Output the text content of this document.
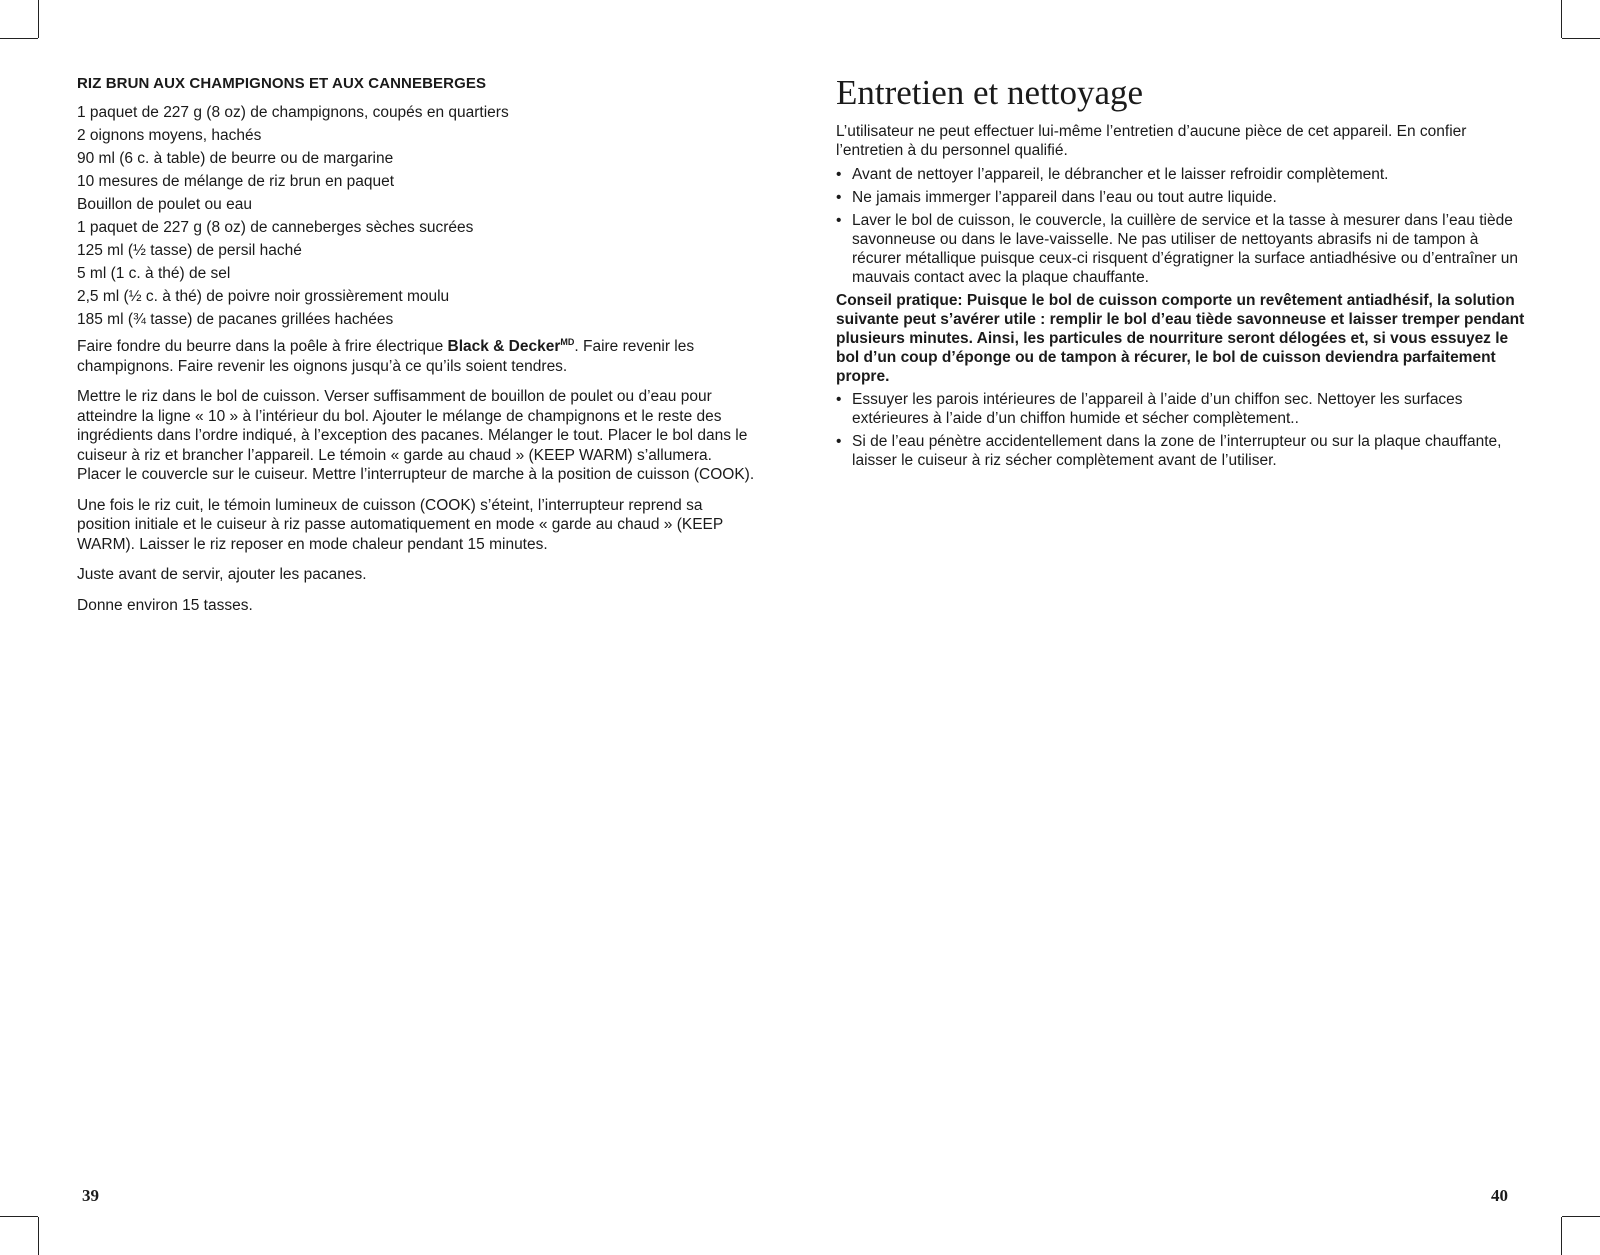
RIZ BRUN AUX CHAMPIGNONS ET AUX CANNEBERGES
1 paquet de 227 g (8 oz) de champignons, coupés en quartiers
2 oignons moyens, hachés
90 ml (6 c. à table) de beurre ou de margarine
10 mesures de mélange de riz brun en paquet
Bouillon de poulet ou eau
1 paquet de 227 g (8 oz) de canneberges sèches sucrées
125 ml (½ tasse) de persil haché
5 ml (1 c. à thé) de sel
2,5 ml (½ c. à thé) de poivre noir grossièrement moulu
185 ml (¾ tasse) de pacanes grillées hachées

Faire fondre du beurre dans la poêle à frire électrique Black & Decker$^{MD}$. Faire revenir les champignons. Faire revenir les oignons jusqu’à ce qu’ils soient tendres.

Mettre le riz dans le bol de cuisson. Verser suffisamment de bouillon de poulet ou d’eau pour atteindre la ligne « 10 » à l’intérieur du bol. Ajouter le mélange de champignons et le reste des ingrédients dans l’ordre indiqué, à l’exception des pacanes. Mélanger le tout. Placer le bol dans le cuiseur à riz et brancher l’appareil. Le témoin « garde au chaud » (KEEP WARM) s’allumera. Placer le couvercle sur le cuiseur. Mettre l’interrupteur de marche à la position de cuisson (COOK).

Une fois le riz cuit, le témoin lumineux de cuisson (COOK) s’éteint, l’interrupteur reprend sa position initiale et le cuiseur à riz passe automatiquement en mode « garde au chaud » (KEEP WARM). Laisser le riz reposer en mode chaleur pendant 15 minutes.

Juste avant de servir, ajouter les pacanes.

Donne environ 15 tasses.

39
Entretien et nettoyage

L’utilisateur ne peut effectuer lui-même l’entretien d’aucune pièce de cet appareil. En confier l’entretien à du personnel qualifié.

• Avant de nettoyer l’appareil, le débrancher et le laisser refroidir complètement.
• Ne jamais immerger l’appareil dans l’eau ou tout autre liquide.
• Laver le bol de cuisson, le couvercle, la cuillère de service et la tasse à mesurer dans l’eau tiède savonneuse ou dans le lave-vaisselle. Ne pas utiliser de nettoyants abrasifs ni de tampon à récurer métallique puisque ceux-ci risquent d’égratigner la surface antiadhésive ou d’entraîner un mauvais contact avec la plaque chauffante.

Conseil pratique: Puisque le bol de cuisson comporte un revêtement antiadhésif, la solution suivante peut s’avérer utile : remplir le bol d’eau tiède savonneuse et laisser tremper pendant plusieurs minutes. Ainsi, les particules de nourriture seront délogées et, si vous essuyez le bol d’un coup d’éponge ou de tampon à récurer, le bol de cuisson deviendra parfaitement propre.

• Essuyer les parois intérieures de l’appareil à l’aide d’un chiffon sec. Nettoyer les surfaces extérieures à l’aide d’un chiffon humide et sécher complètement..
• Si de l’eau pénètre accidentellement dans la zone de l’interrupteur ou sur la plaque chauffante, laisser le cuiseur à riz sécher complètement avant de l’utiliser.
40
